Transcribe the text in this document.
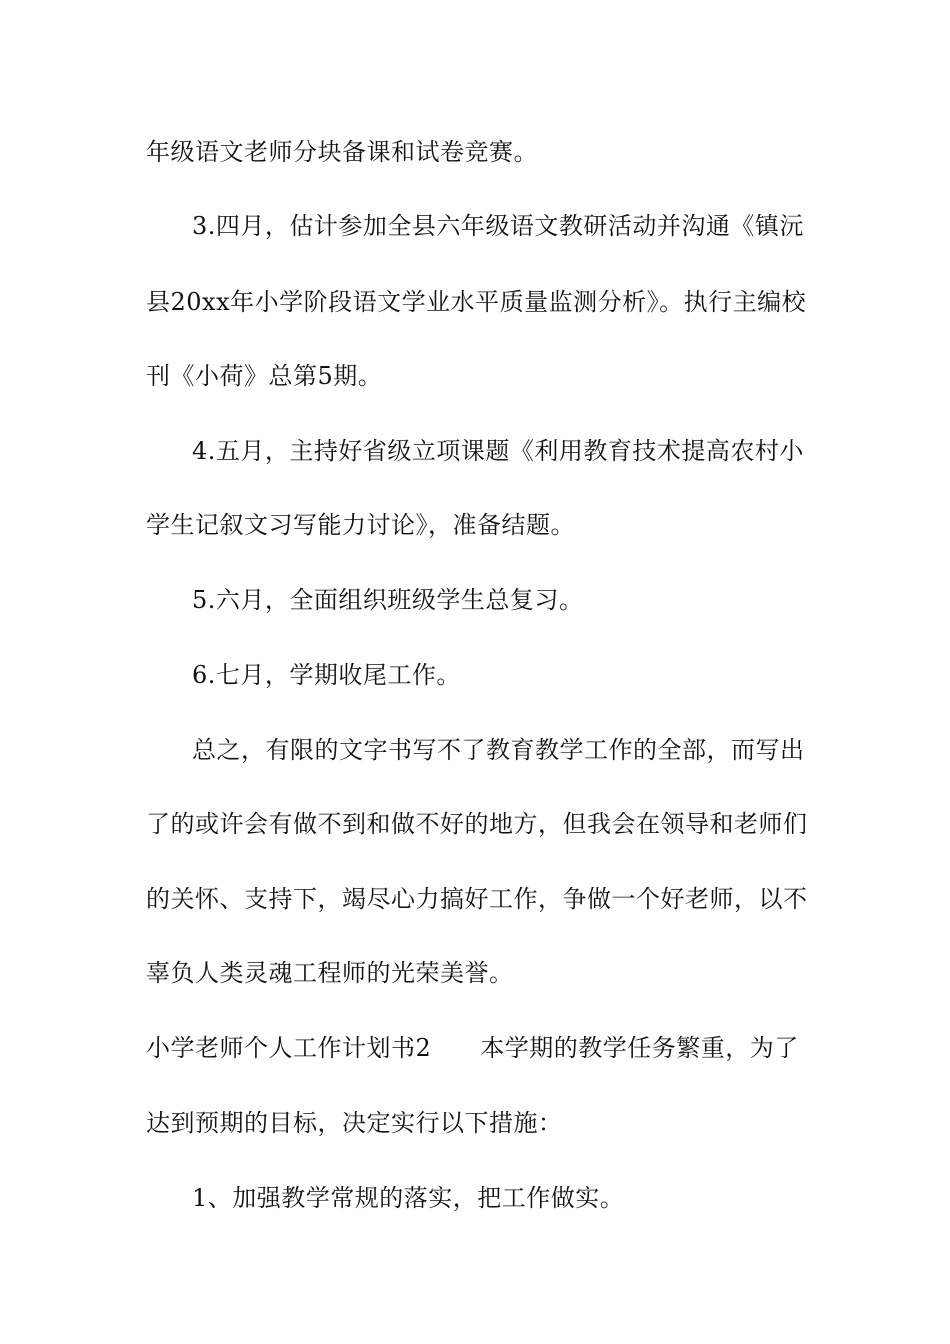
年级语文老师分块备课和试卷竞赛。
3.四月，估计参加全县六年级语文教研活动并沟通《镇沅
县20xx年小学阶段语文学业水平质量监测分析》。执行主编校
刊《小荷》总第5期。
4.五月，主持好省级立项课题《利用教育技术提高农村小
学生记叙文习写能力讨论》，准备结题。
5.六月，全面组织班级学生总复习。
6.七月，学期收尾工作。
总之，有限的文字书写不了教育教学工作的全部，而写出
了的或许会有做不到和做不好的地方，但我会在领导和老师们
的关怀、支持下，竭尽心力搞好工作，争做一个好老师，以不
辜负人类灵魂工程师的光荣美誉。
小学老师个人工作计划书2　　本学期的教学任务繁重，为了
达到预期的目标，决定实行以下措施：
1、加强教学常规的落实，把工作做实。
